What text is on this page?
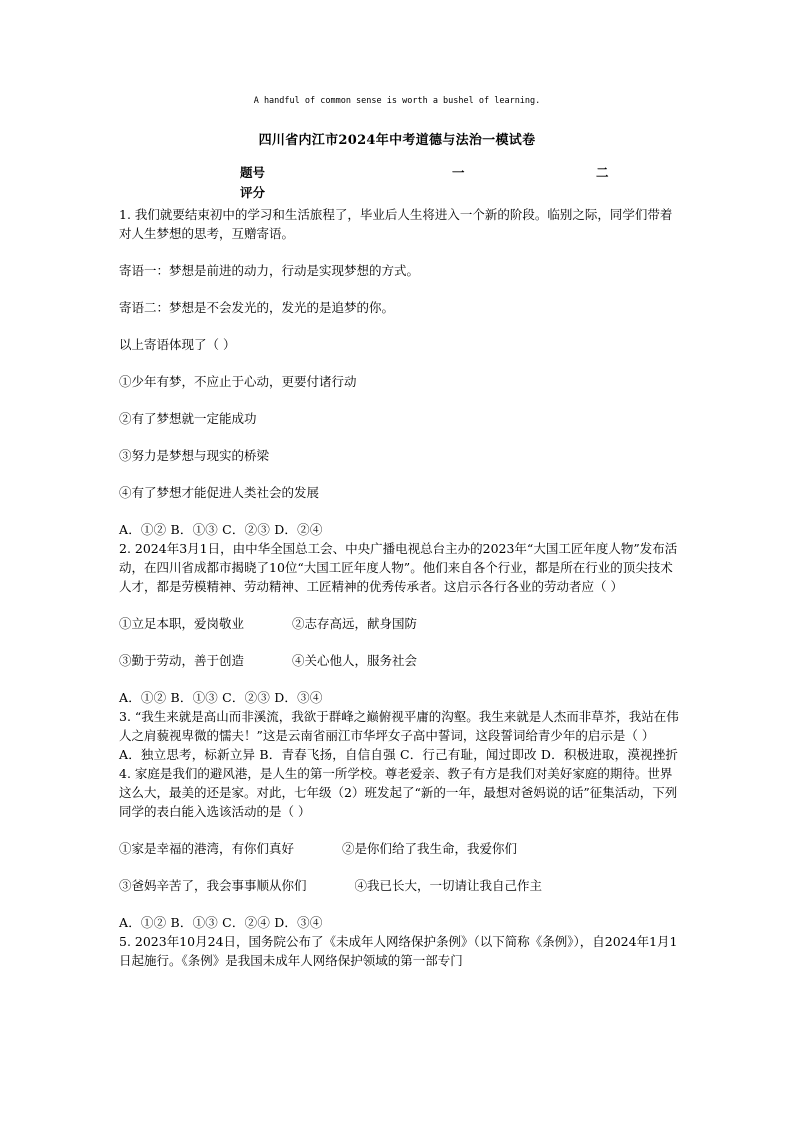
A handful of common sense is worth a bushel of learning.
四川省内江市2024年中考道德与法治一模试卷
题号	一	二
评分

1. 我们就要结束初中的学习和生活旅程了，毕业后人生将进入一个新的阶段。临别之际，同学们带着对人生梦想的思考，互赠寄语。

寄语一：梦想是前进的动力，行动是实现梦想的方式。

寄语二：梦想是不会发光的，发光的是追梦的你。

以上寄语体现了（ ）

①少年有梦，不应止于心动，更要付诸行动

②有了梦想就一定能成功

③努力是梦想与现实的桥梁

④有了梦想才能促进人类社会的发展

A．①② B．①③ C．②③ D．②④

2. 2024年3月1日，由中华全国总工会、中央广播电视总台主办的2023年“大国工匠年度人物”发布活动，在四川省成都市揭晓了10位“大国工匠年度人物”。他们来自各个行业，都是所在行业的顶尖技术人才，都是劳模精神、劳动精神、工匠精神的优秀传承者。这启示各行各业的劳动者应（ ）

①立足本职，爱岗敬业	②志存高远，献身国防

③勤于劳动，善于创造	④关心他人，服务社会

A．①② B．①③ C．②③ D．③④

3. “我生来就是高山而非溪流，我欲于群峰之巅俯视平庸的沟壑。我生来就是人杰而非草芥，我站在伟人之肩藐视卑微的懦夫！”这是云南省丽江市华坪女子高中誓词，这段誓词给青少年的启示是（ ）

A．独立思考，标新立异 B．青春飞扬，自信自强 C．行己有耻，闻过即改 D．积极进取，漠视挫折

4. 家庭是我们的避风港，是人生的第一所学校。尊老爱亲、教子有方是我们对美好家庭的期待。世界这么大，最美的还是家。对此，七年级（2）班发起了“新的一年，最想对爸妈说的话”征集活动，下列同学的表白能入选该活动的是（ ）

①家是幸福的港湾，有你们真好	②是你们给了我生命，我爱你们

③爸妈辛苦了，我会事事顺从你们	④我已长大，一切请让我自己作主

A．①② B．①③ C．②④ D．③④

5. 2023年10月24日，国务院公布了《未成年人网络保护条例》（以下简称《条例》），自2024年1月1日起施行。《条例》是我国未成年人网络保护领域的第一部专门
